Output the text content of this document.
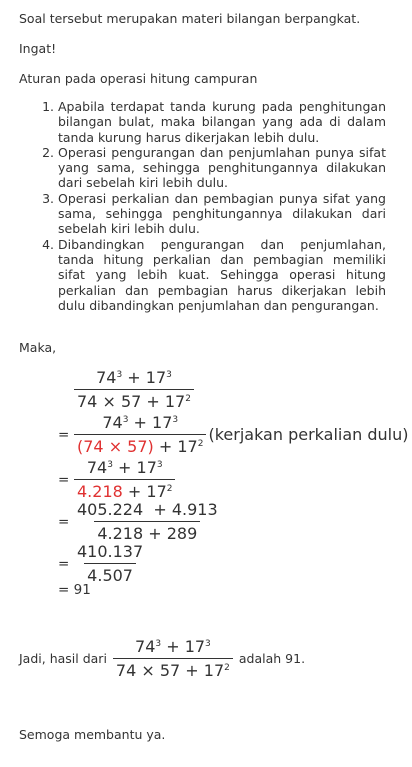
Soal tersebut merupakan materi bilangan berpangkat.
Ingat!
Aturan pada operasi hitung campuran
1. Apabila terdapat tanda kurung pada penghitungan bilangan bulat, maka bilangan yang ada di dalam tanda kurung harus dikerjakan lebih dulu.
2. Operasi pengurangan dan penjumlahan punya sifat yang sama, sehingga penghitungannya dilakukan dari sebelah kiri lebih dulu.
3. Operasi perkalian dan pembagian punya sifat yang sama, sehingga penghitungannya dilakukan dari sebelah kiri lebih dulu.
4. Dibandingkan pengurangan dan penjumlahan, tanda hitung perkalian dan pembagian memiliki sifat yang lebih kuat. Sehingga operasi hitung perkalian dan pembagian harus dikerjakan lebih dulu dibandingkan penjumlahan dan pengurangan.
Maka,
$\frac{74^3 + 17^3}{74 \times 57 + 17^2}$
= $\frac{74^3 + 17^3}{(74 \times 57) + 17^2}$ (kerjakan perkalian dulu)
= $\frac{74^3 + 17^3}{4.218 + 17^2}$
= $\frac{405.224 + 4.913}{4.218 + 289}$
= $\frac{410.137}{4.507}$
= 91
Jadi, hasil dari $\frac{74^3 + 17^3}{74 \times 57 + 17^2}$ adalah 91.
Semoga membantu ya.
